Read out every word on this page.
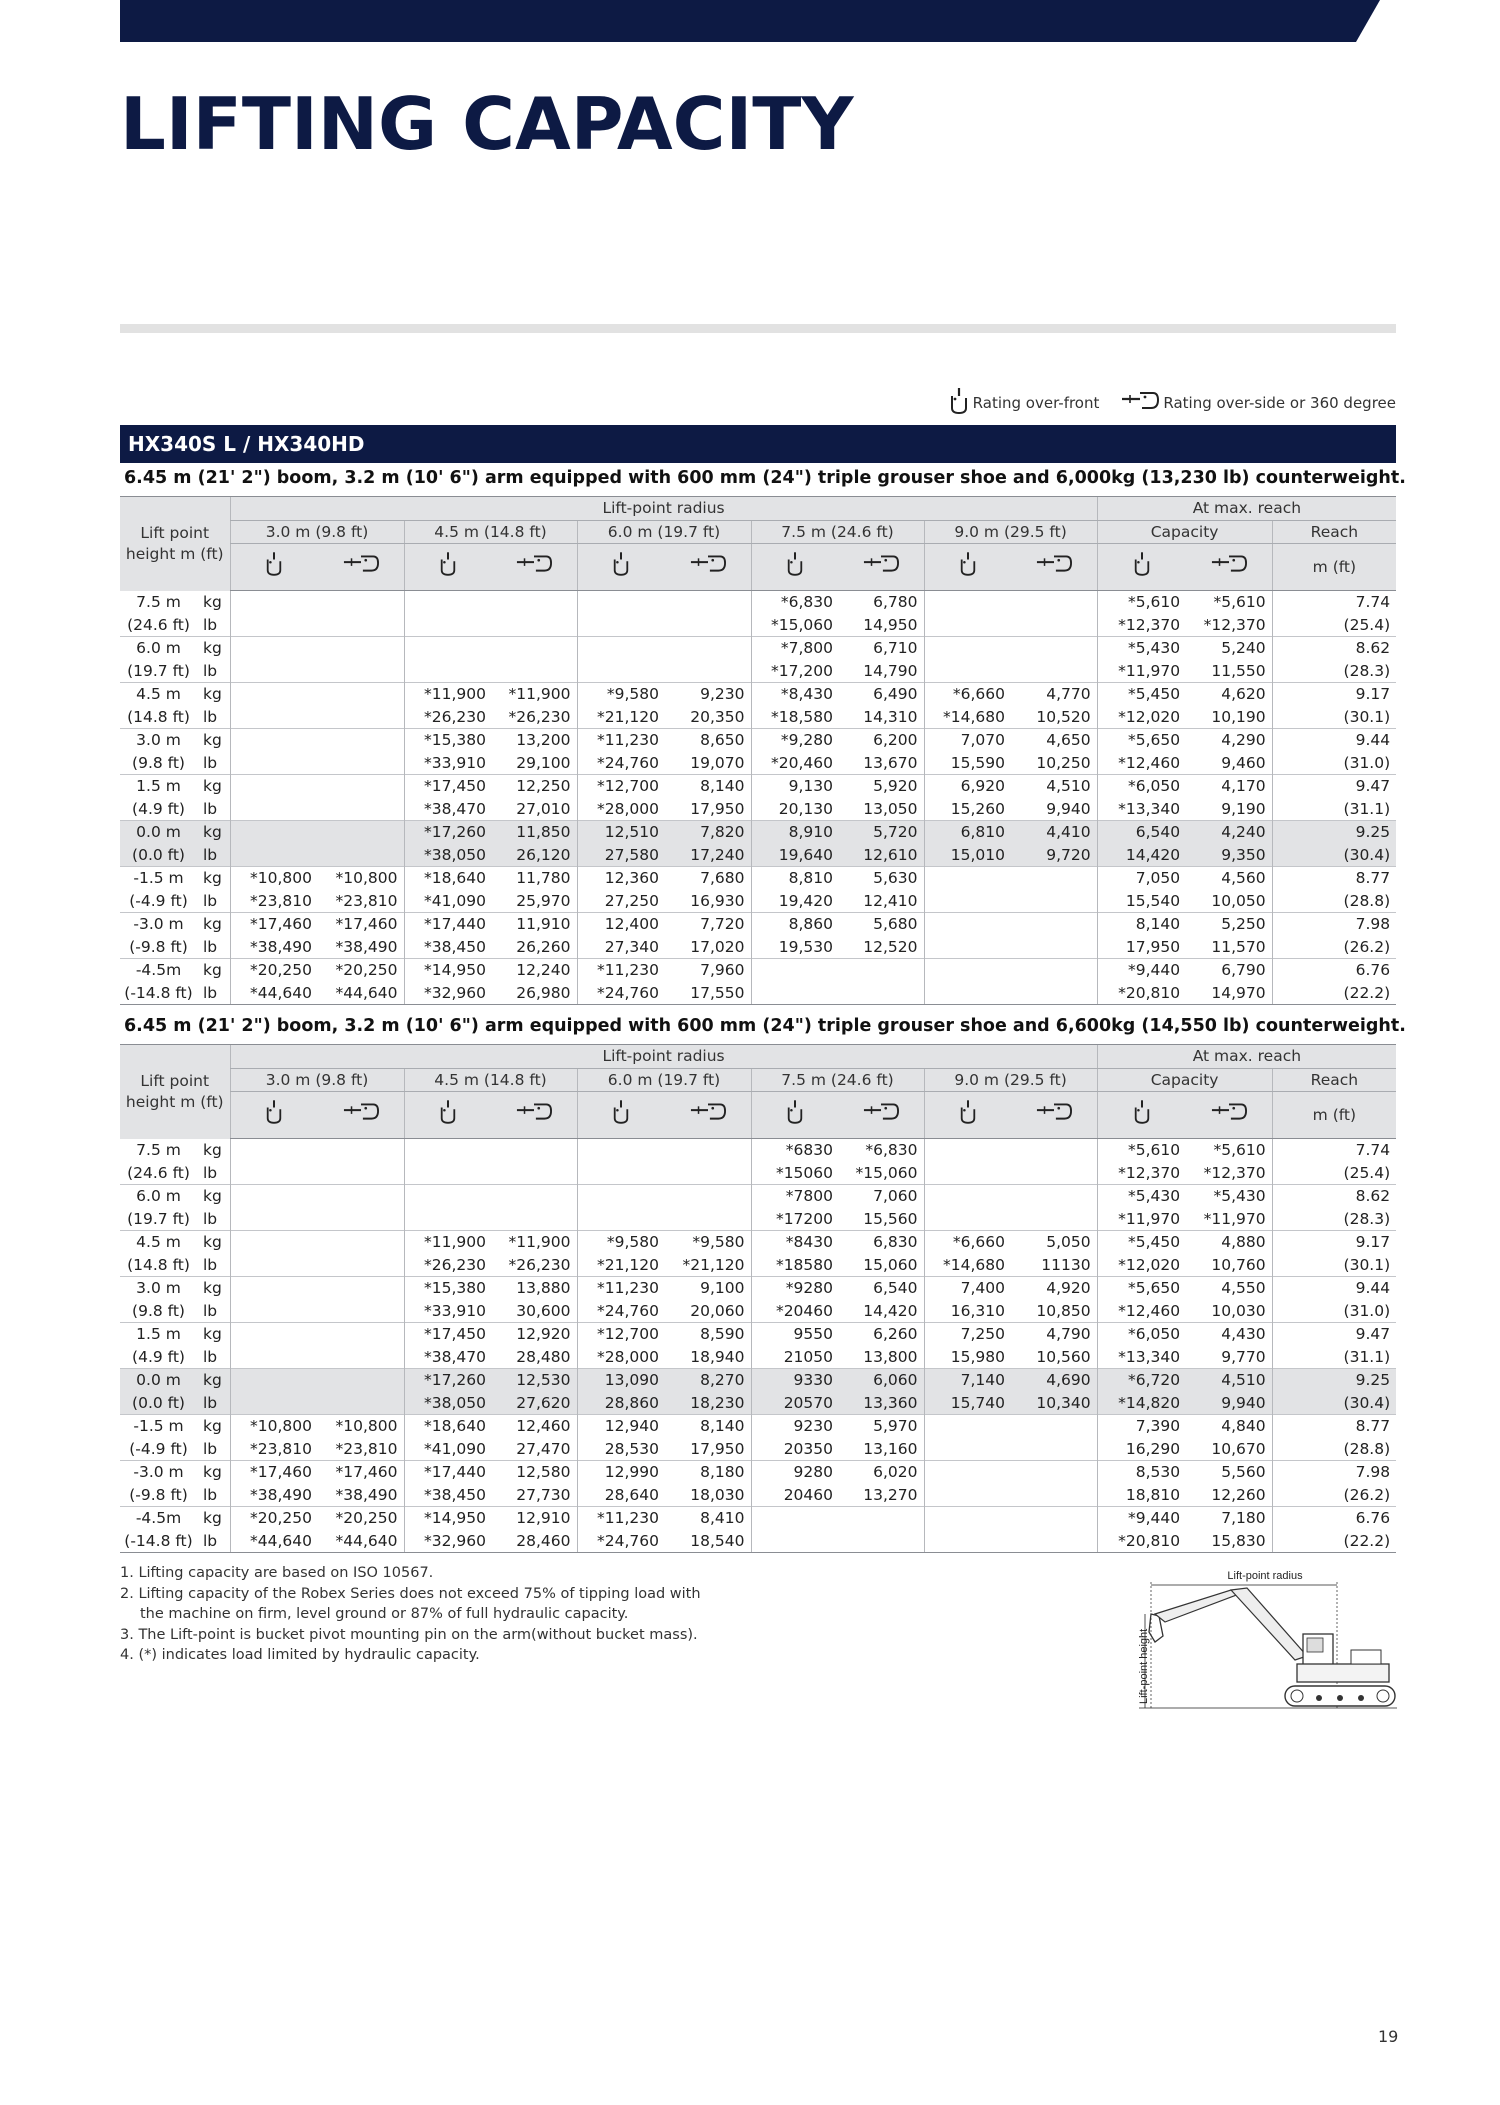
LIFTING CAPACITY
Rating over-front	Rating over-side or 360 degree
HX340S L / HX340HD
6.45 m (21' 2") boom, 3.2 m (10' 6") arm equipped with 600 mm (24") triple grouser shoe and 6,000kg (13,230 lb) counterweight.
Lift point height m (ft)		Lift-point radius										At max. reach		
		3.0 m (9.8 ft)		4.5 m (14.8 ft)		6.0 m (19.7 ft)		7.5 m (24.6 ft)		9.0 m (29.5 ft)		Capacity		Reach
												m (ft)
7.5 m	kg							*6,830	6,780			*5,610	*5,610	7.74
(24.6 ft)	lb							*15,060	14,950			*12,370	*12,370	(25.4)
6.0 m	kg							*7,800	6,710			*5,430	5,240	8.62
(19.7 ft)	lb							*17,200	14,790			*11,970	11,550	(28.3)
4.5 m	kg			*11,900	*11,900	*9,580	9,230	*8,430	6,490	*6,660	4,770	*5,450	4,620	9.17
(14.8 ft)	lb			*26,230	*26,230	*21,120	20,350	*18,580	14,310	*14,680	10,520	*12,020	10,190	(30.1)
3.0 m	kg			*15,380	13,200	*11,230	8,650	*9,280	6,200	7,070	4,650	*5,650	4,290	9.44
(9.8 ft)	lb			*33,910	29,100	*24,760	19,070	*20,460	13,670	15,590	10,250	*12,460	9,460	(31.0)
1.5 m	kg			*17,450	12,250	*12,700	8,140	9,130	5,920	6,920	4,510	*6,050	4,170	9.47
(4.9 ft)	lb			*38,470	27,010	*28,000	17,950	20,130	13,050	15,260	9,940	*13,340	9,190	(31.1)
0.0 m	kg			*17,260	11,850	12,510	7,820	8,910	5,720	6,810	4,410	6,540	4,240	9.25
(0.0 ft)	lb			*38,050	26,120	27,580	17,240	19,640	12,610	15,010	9,720	14,420	9,350	(30.4)
-1.5 m	kg	*10,800	*10,800	*18,640	11,780	12,360	7,680	8,810	5,630			7,050	4,560	8.77
(-4.9 ft)	lb	*23,810	*23,810	*41,090	25,970	27,250	16,930	19,420	12,410			15,540	10,050	(28.8)
-3.0 m	kg	*17,460	*17,460	*17,440	11,910	12,400	7,720	8,860	5,680			8,140	5,250	7.98
(-9.8 ft)	lb	*38,490	*38,490	*38,450	26,260	27,340	17,020	19,530	12,520			17,950	11,570	(26.2)
-4.5m	kg	*20,250	*20,250	*14,950	12,240	*11,230	7,960					*9,440	6,790	6.76
(-14.8 ft)	lb	*44,640	*44,640	*32,960	26,980	*24,760	17,550					*20,810	14,970	(22.2)
6.45 m (21' 2") boom, 3.2 m (10' 6") arm equipped with 600 mm (24") triple grouser shoe and 6,600kg (14,550 lb) counterweight.
Lift point height m (ft)		Lift-point radius										At max. reach		
		3.0 m (9.8 ft)		4.5 m (14.8 ft)		6.0 m (19.7 ft)		7.5 m (24.6 ft)		9.0 m (29.5 ft)		Capacity		Reach
												m (ft)
7.5 m	kg							*6830	*6,830			*5,610	*5,610	7.74
(24.6 ft)	lb							*15060	*15,060			*12,370	*12,370	(25.4)
6.0 m	kg							*7800	7,060			*5,430	*5,430	8.62
(19.7 ft)	lb							*17200	15,560			*11,970	*11,970	(28.3)
4.5 m	kg			*11,900	*11,900	*9,580	*9,580	*8430	6,830	*6,660	5,050	*5,450	4,880	9.17
(14.8 ft)	lb			*26,230	*26,230	*21,120	*21,120	*18580	15,060	*14,680	11130	*12,020	10,760	(30.1)
3.0 m	kg			*15,380	13,880	*11,230	9,100	*9280	6,540	7,400	4,920	*5,650	4,550	9.44
(9.8 ft)	lb			*33,910	30,600	*24,760	20,060	*20460	14,420	16,310	10,850	*12,460	10,030	(31.0)
1.5 m	kg			*17,450	12,920	*12,700	8,590	9550	6,260	7,250	4,790	*6,050	4,430	9.47
(4.9 ft)	lb			*38,470	28,480	*28,000	18,940	21050	13,800	15,980	10,560	*13,340	9,770	(31.1)
0.0 m	kg			*17,260	12,530	13,090	8,270	9330	6,060	7,140	4,690	*6,720	4,510	9.25
(0.0 ft)	lb			*38,050	27,620	28,860	18,230	20570	13,360	15,740	10,340	*14,820	9,940	(30.4)
-1.5 m	kg	*10,800	*10,800	*18,640	12,460	12,940	8,140	9230	5,970			7,390	4,840	8.77
(-4.9 ft)	lb	*23,810	*23,810	*41,090	27,470	28,530	17,950	20350	13,160			16,290	10,670	(28.8)
-3.0 m	kg	*17,460	*17,460	*17,440	12,580	12,990	8,180	9280	6,020			8,530	5,560	7.98
(-9.8 ft)	lb	*38,490	*38,490	*38,450	27,730	28,640	18,030	20460	13,270			18,810	12,260	(26.2)
-4.5m	kg	*20,250	*20,250	*14,950	12,910	*11,230	8,410					*9,440	7,180	6.76
(-14.8 ft)	lb	*44,640	*44,640	*32,960	28,460	*24,760	18,540					*20,810	15,830	(22.2)
1. Lifting capacity are based on ISO 10567.
2. Lifting capacity of the Robex Series does not exceed 75% of tipping load with
the machine on firm, level ground or 87% of full hydraulic capacity.
3. The Lift-point is bucket pivot mounting pin on the arm(without bucket mass).
4. (*) indicates load limited by hydraulic capacity.
Lift-point radius
Lift-point height
19
